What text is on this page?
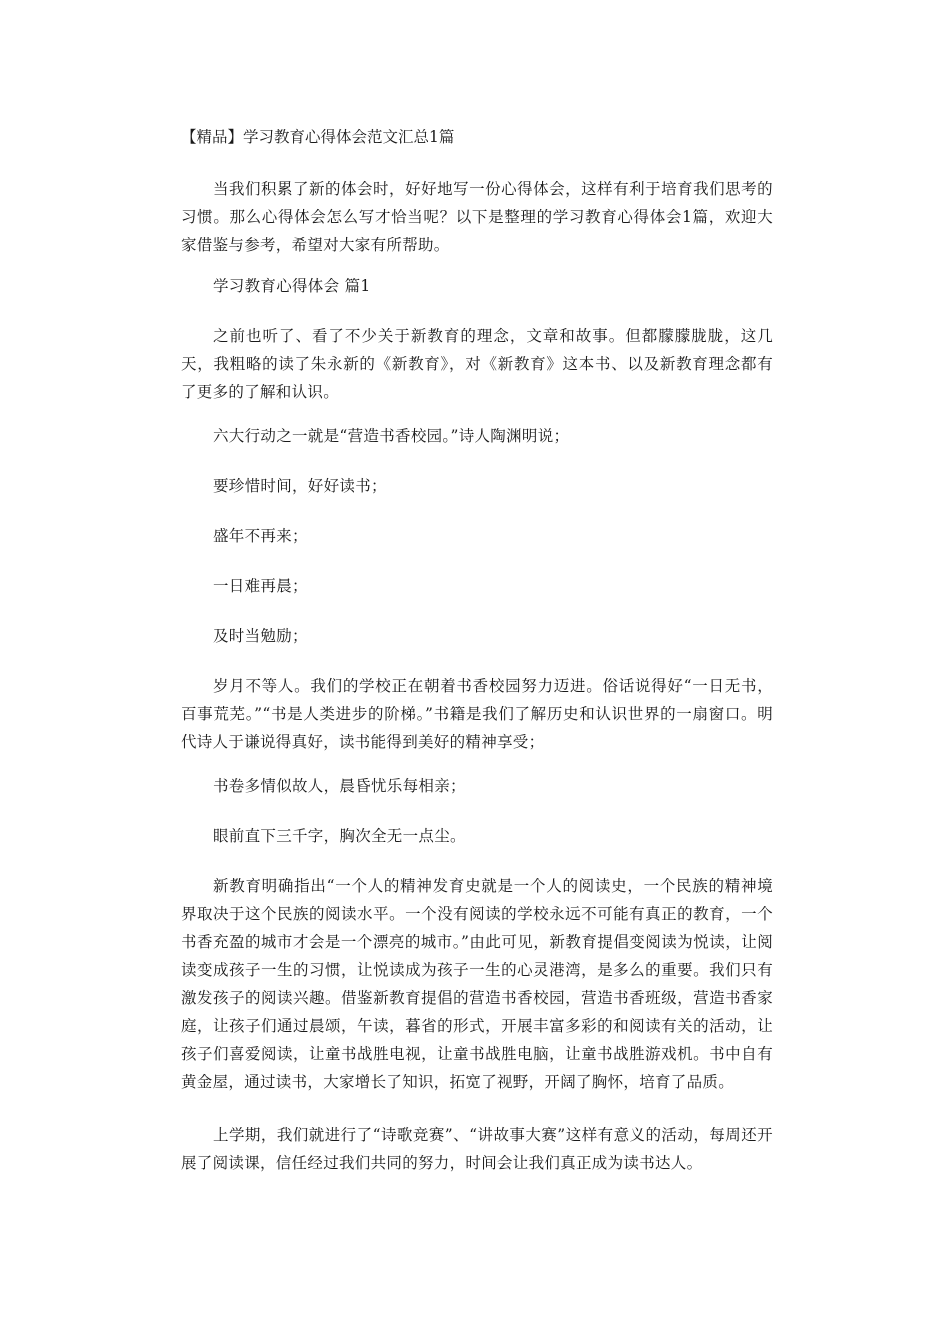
【精品】学习教育心得体会范文汇总1篇

当我们积累了新的体会时，好好地写一份心得体会，这样有利于培育我们思考的习惯。那么心得体会怎么写才恰当呢？以下是整理的学习教育心得体会1篇，欢迎大家借鉴与参考，希望对大家有所帮助。

学习教育心得体会 篇1

之前也听了、看了不少关于新教育的理念，文章和故事。但都朦朦胧胧，这几天，我粗略的读了朱永新的《新教育》，对《新教育》这本书、以及新教育理念都有了更多的了解和认识。

六大行动之一就是“营造书香校园。”诗人陶渊明说；

要珍惜时间，好好读书；

盛年不再来；

一日难再晨；

及时当勉励；

岁月不等人。我们的学校正在朝着书香校园努力迈进。俗话说得好“一日无书，百事荒芜。”“书是人类进步的阶梯。”书籍是我们了解历史和认识世界的一扇窗口。明代诗人于谦说得真好，读书能得到美好的精神享受；

书卷多情似故人，晨昏忧乐每相亲；

眼前直下三千字，胸次全无一点尘。

新教育明确指出“一个人的精神发育史就是一个人的阅读史，一个民族的精神境界取决于这个民族的阅读水平。一个没有阅读的学校永远不可能有真正的教育，一个书香充盈的城市才会是一个漂亮的城市。”由此可见，新教育提倡变阅读为悦读，让阅读变成孩子一生的习惯，让悦读成为孩子一生的心灵港湾，是多么的重要。我们只有激发孩子的阅读兴趣。借鉴新教育提倡的营造书香校园，营造书香班级，营造书香家庭，让孩子们通过晨颂，午读，暮省的形式，开展丰富多彩的和阅读有关的活动，让孩子们喜爱阅读，让童书战胜电视，让童书战胜电脑，让童书战胜游戏机。书中自有黄金屋，通过读书，大家增长了知识，拓宽了视野，开阔了胸怀，培育了品质。

上学期，我们就进行了“诗歌竞赛”、“讲故事大赛”这样有意义的活动，每周还开展了阅读课，信任经过我们共同的努力，时间会让我们真正成为读书达人。
